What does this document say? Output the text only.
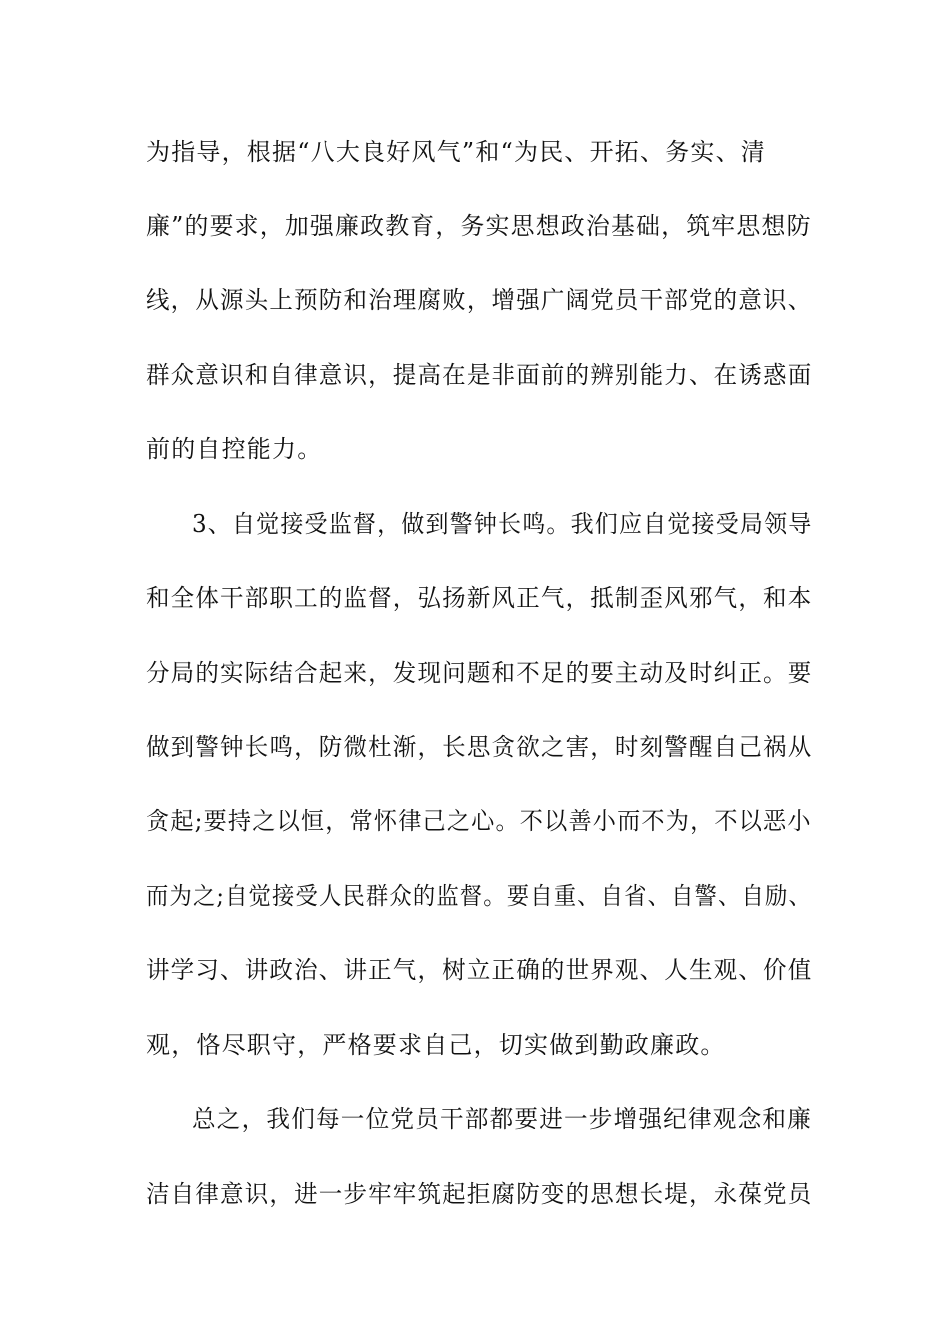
为指导，根据“八大良好风气”和“为民、开拓、务实、清
廉”的要求，加强廉政教育，务实思想政治基础，筑牢思想防
线，从源头上预防和治理腐败，增强广阔党员干部党的意识、
群众意识和自律意识，提高在是非面前的辨别能力、在诱惑面
前的自控能力。
3、自觉接受监督，做到警钟长鸣。我们应自觉接受局领导
和全体干部职工的监督，弘扬新风正气，抵制歪风邪气，和本
分局的实际结合起来，发现问题和不足的要主动及时纠正。要
做到警钟长鸣，防微杜渐，长思贪欲之害，时刻警醒自己祸从
贪起;要持之以恒，常怀律己之心。不以善小而不为，不以恶小
而为之;自觉接受人民群众的监督。要自重、自省、自警、自励、
讲学习、讲政治、讲正气，树立正确的世界观、人生观、价值
观，恪尽职守，严格要求自己，切实做到勤政廉政。
总之，我们每一位党员干部都要进一步增强纪律观念和廉
洁自律意识，进一步牢牢筑起拒腐防变的思想长堤，永葆党员
